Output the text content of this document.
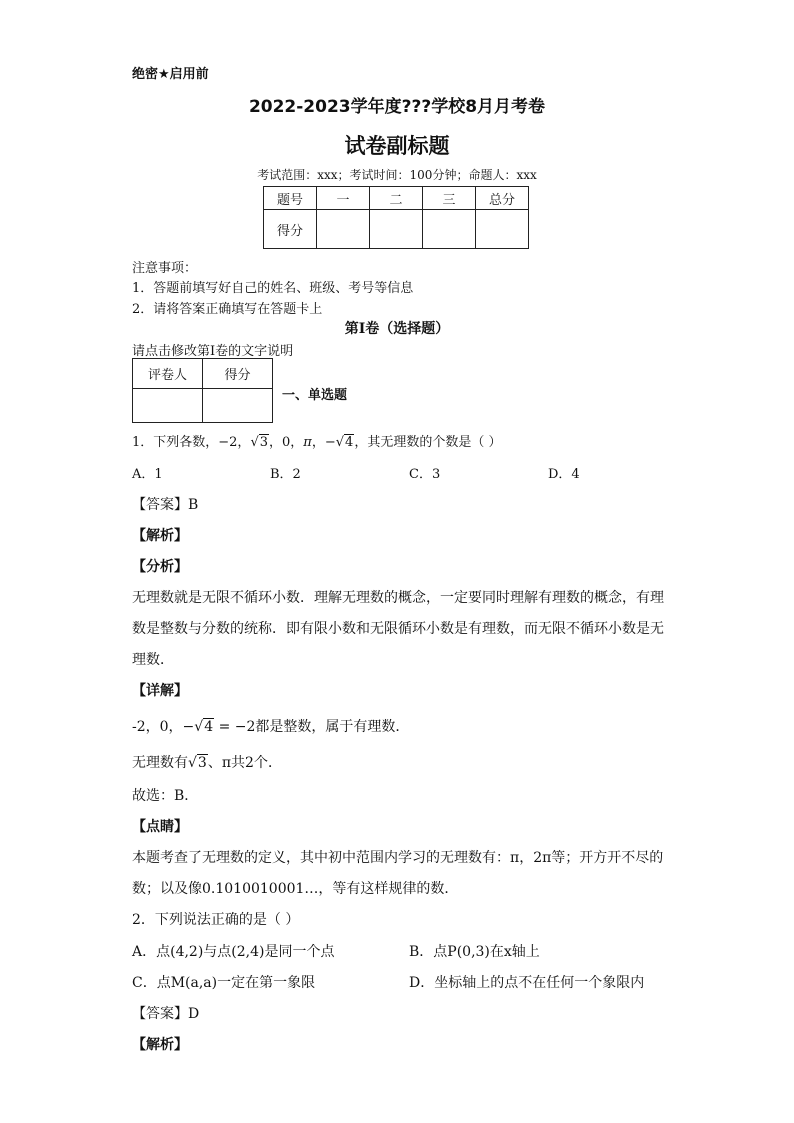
绝密★启用前
2022-2023学年度???学校8月月考卷
试卷副标题
考试范围：xxx；考试时间：100分钟；命题人：xxx
题号	一	二	三	总分
得分				
注意事项：
1．答题前填写好自己的姓名、班级、考号等信息
2．请将答案正确填写在答题卡上
第I卷（选择题）
请点击修改第I卷的文字说明
评卷人	得分

一、单选题
1．下列各数，−2，√3，0，π，−√4，其无理数的个数是（ ）
A．1	B．2	C．3	D．4
【答案】B
【解析】
【分析】
无理数就是无限不循环小数．理解无理数的概念，一定要同时理解有理数的概念，有理
数是整数与分数的统称．即有限小数和无限循环小数是有理数，而无限不循环小数是无
理数．
【详解】
-2，0，−√4 = −2都是整数，属于有理数．
无理数有√3、π共2个．
故选：B．
【点睛】
本题考查了无理数的定义，其中初中范围内学习的无理数有：π，2π等；开方开不尽的
数；以及像0.1010010001…，等有这样规律的数．
2．下列说法正确的是（ ）
A．点(4,2)与点(2,4)是同一个点	B．点P(0,3)在x轴上
C．点M(a,a)一定在第一象限	D．坐标轴上的点不在任何一个象限内
【答案】D
【解析】
